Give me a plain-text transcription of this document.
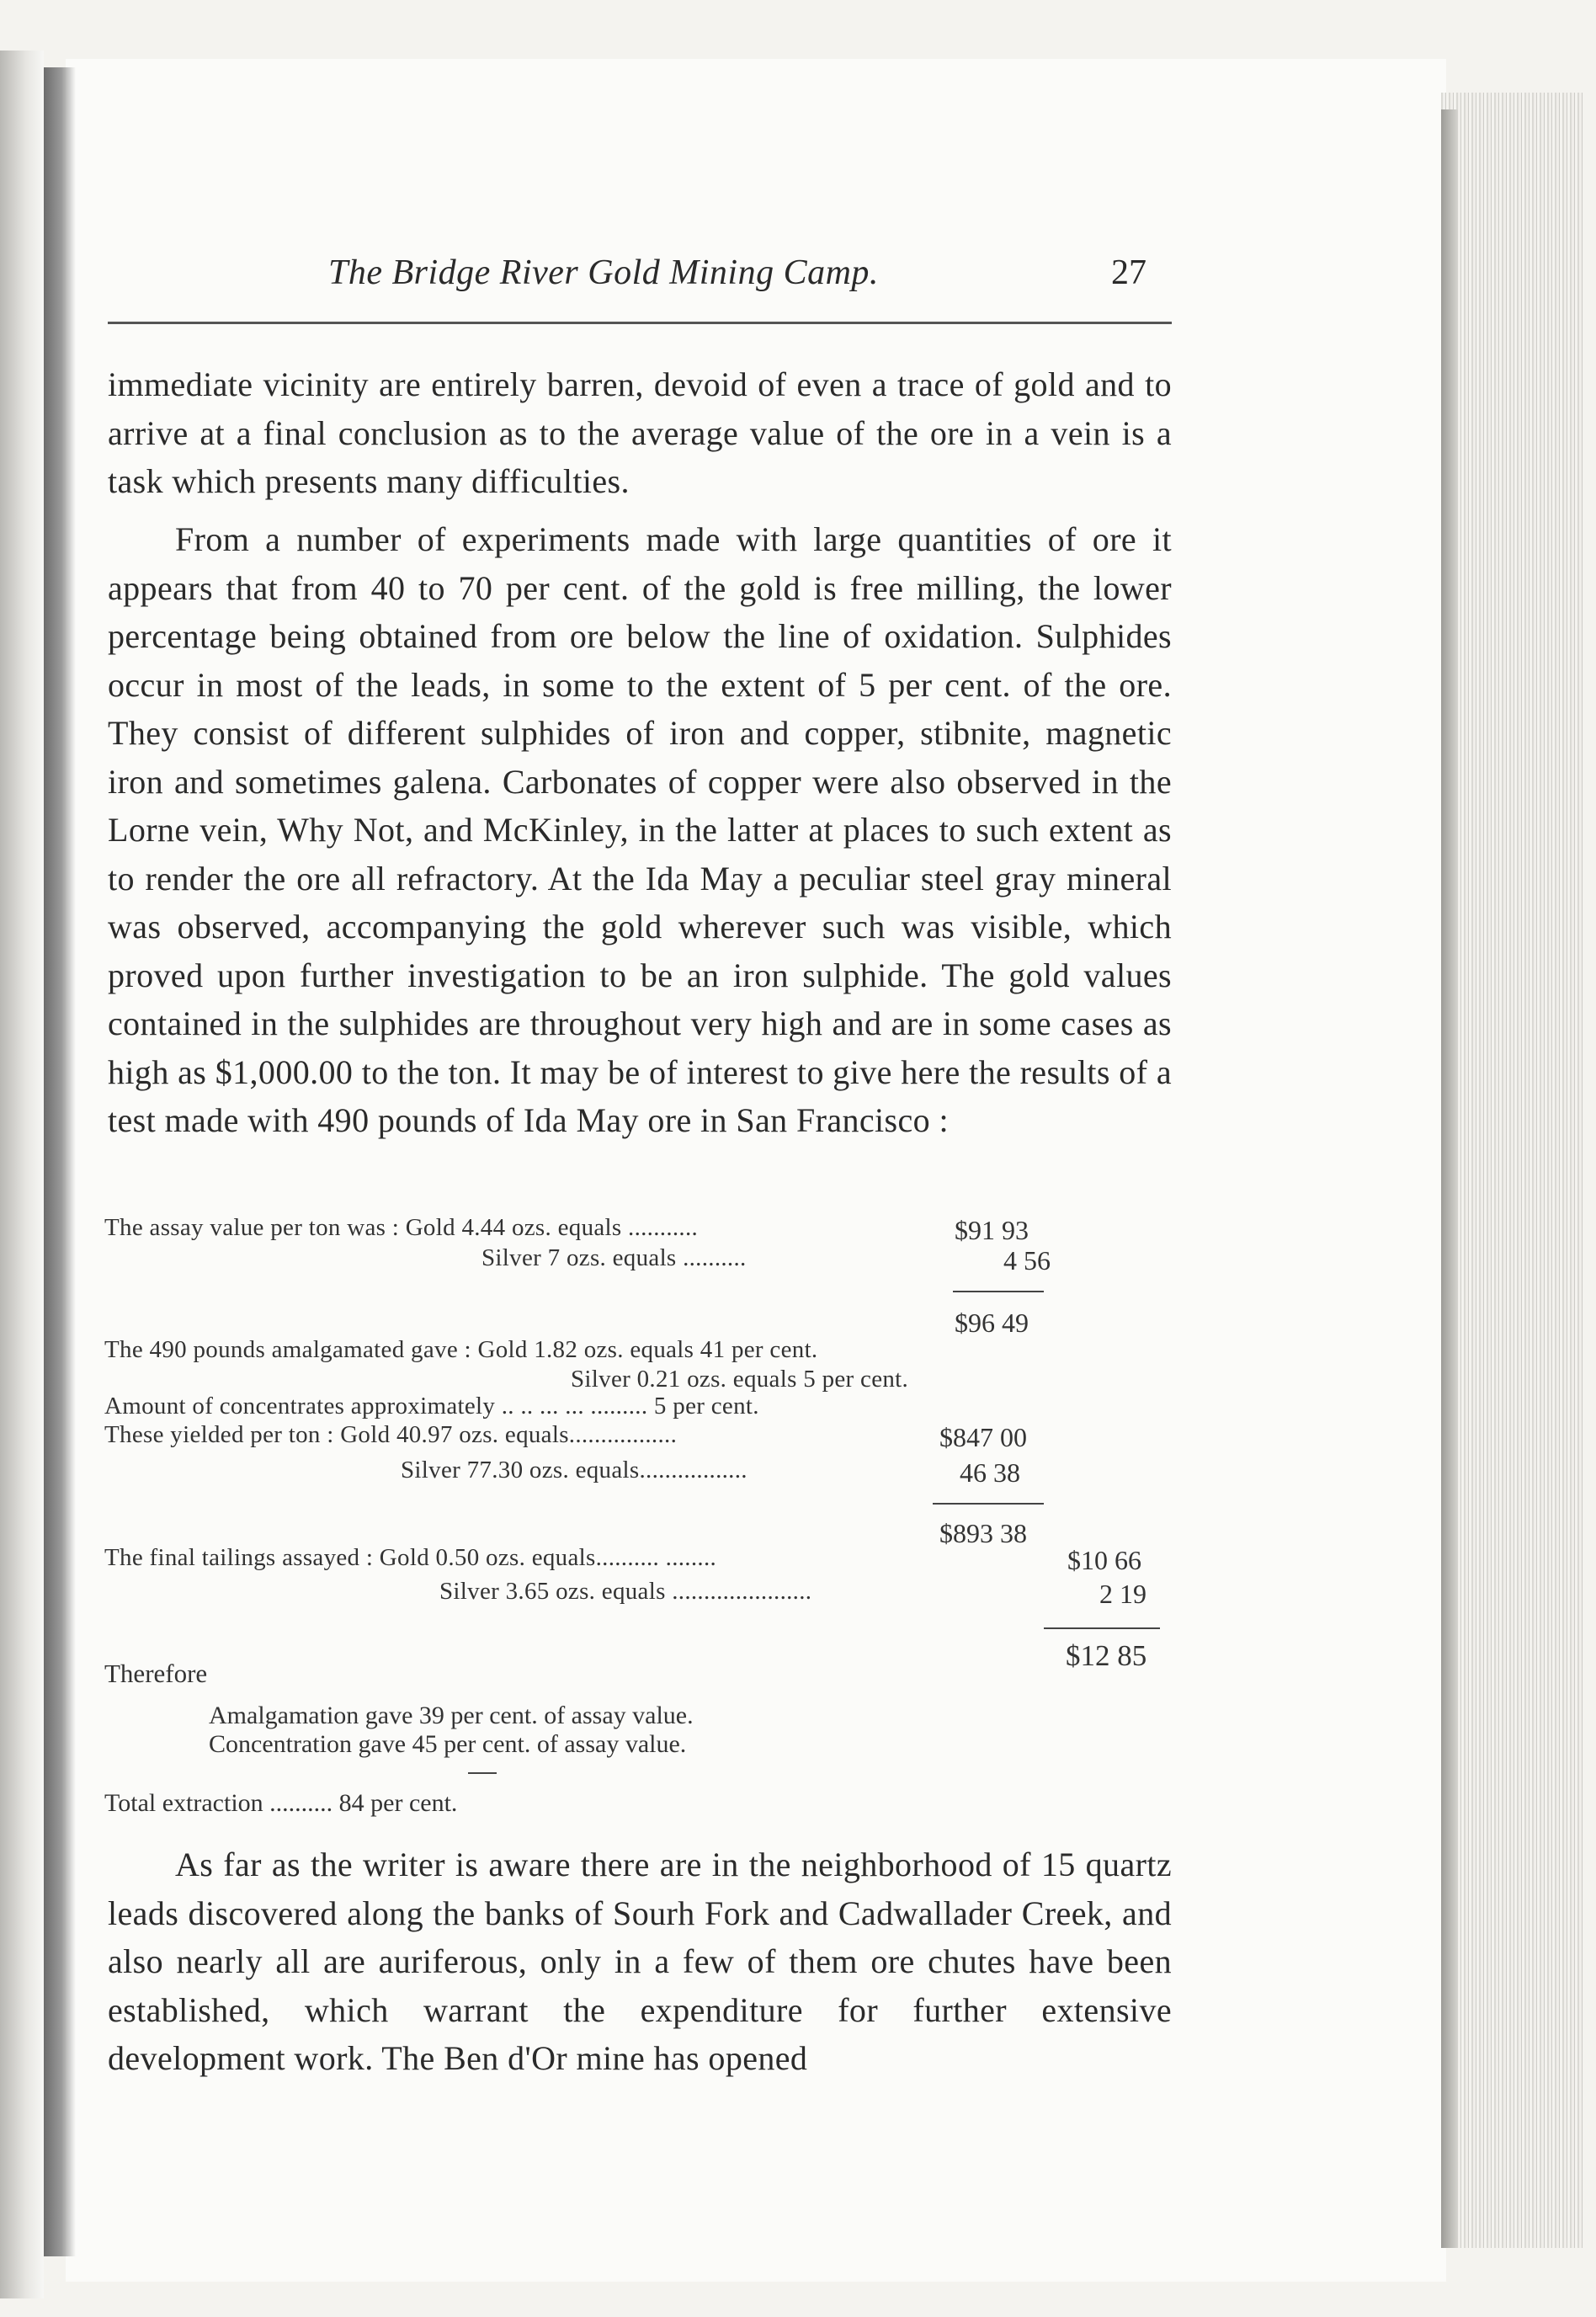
The Bridge River Gold Mining Camp.	27
immediate vicinity are entirely barren, devoid of even a trace of gold and to arrive at a final conclusion as to the average value of the ore in a vein is a task which presents many difficulties.
From a number of experiments made with large quantities of ore it appears that from 40 to 70 per cent. of the gold is free milling, the lower percentage being obtained from ore below the line of oxidation. Sulphides occur in most of the leads, in some to the extent of 5 per cent. of the ore. They consist of different sulphides of iron and copper, stibnite, magnetic iron and sometimes galena. Carbonates of copper were also observed in the Lorne vein, Why Not, and McKinley, in the latter at places to such extent as to render the ore all refractory. At the Ida May a peculiar steel gray mineral was observed, accompanying the gold wherever such was visible, which proved upon further investigation to be an iron sulphide. The gold values contained in the sulphides are throughout very high and are in some cases as high as $1,000.00 to the ton. It may be of interest to give here the results of a test made with 490 pounds of Ida May ore in San Francisco :
The assay value per ton was : Gold 4.44 ozs. equals ...........	$91 93
Silver 7 ozs. equals ..........	4 56
$96 49
The 490 pounds amalgamated gave : Gold 1.82 ozs. equals 41 per cent.
Silver 0.21 ozs. equals 5 per cent.
Amount of concentrates approximately .. .. ... ... ......... 5 per cent.
These yielded per ton : Gold 40.97 ozs. equals.................	$847 00
Silver 77.30 ozs. equals.................	46 38
$893 38
The final tailings assayed : Gold 0.50 ozs. equals.......... ........	$10 66
Silver 3.65 ozs. equals ......................	2 19
$12 85
Therefore
Amalgamation gave 39 per cent. of assay value.
Concentration gave 45 per cent. of assay value.
Total extraction .......... 84 per cent.
As far as the writer is aware there are in the neighborhood of 15 quartz leads discovered along the banks of Sourh Fork and Cadwallader Creek, and also nearly all are auriferous, only in a few of them ore chutes have been established, which warrant the expenditure for further extensive development work. The Ben d'Or mine has opened
